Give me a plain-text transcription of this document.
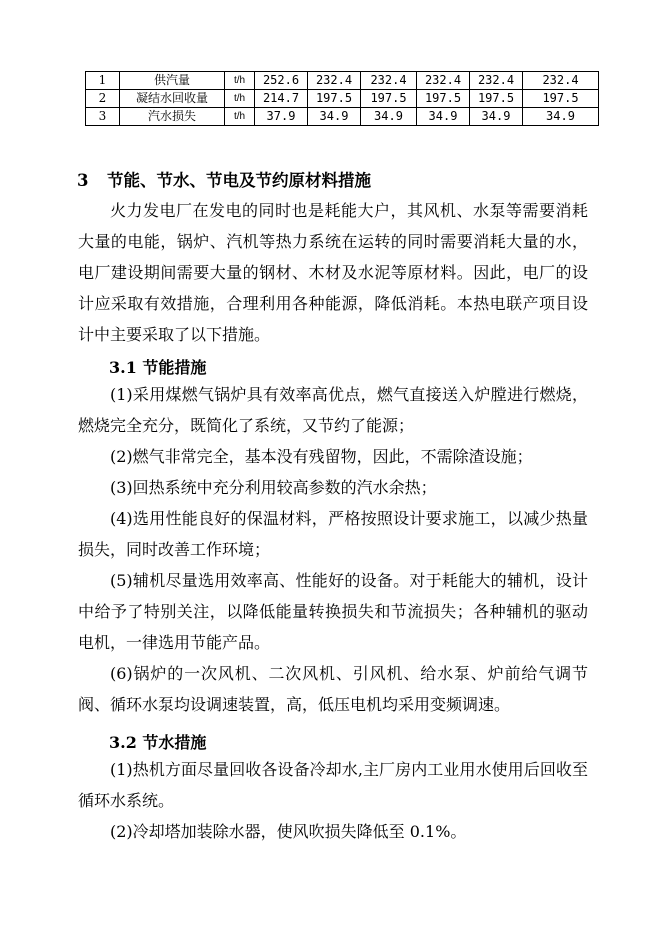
1	供汽量	t/h	252.6	232.4	232.4	232.4	232.4	232.4
2	凝结水回收量	t/h	214.7	197.5	197.5	197.5	197.5	197.5
3	汽水损失	t/h	37.9	34.9	34.9	34.9	34.9	34.9
3 节能、节水、节电及节约原材料措施

火力发电厂在发电的同时也是耗能大户，其风机、水泵等需要消耗大量的电能，锅炉、汽机等热力系统在运转的同时需要消耗大量的水，电厂建设期间需要大量的钢材、木材及水泥等原材料。因此，电厂的设计应采取有效措施，合理利用各种能源，降低消耗。本热电联产项目设计中主要采取了以下措施。

3.1 节能措施

(1)采用煤燃气锅炉具有效率高优点，燃气直接送入炉膛进行燃烧，燃烧完全充分，既简化了系统，又节约了能源；

(2)燃气非常完全，基本没有残留物，因此，不需除渣设施；

(3)回热系统中充分利用较高参数的汽水余热；

(4)选用性能良好的保温材料，严格按照设计要求施工，以减少热量损失，同时改善工作环境；

(5)辅机尽量选用效率高、性能好的设备。对于耗能大的辅机，设计中给予了特别关注，以降低能量转换损失和节流损失；各种辅机的驱动电机，一律选用节能产品。

(6)锅炉的一次风机、二次风机、引风机、给水泵、炉前给气调节阀、循环水泵均设调速装置，高，低压电机均采用变频调速。

3.2 节水措施

(1)热机方面尽量回收各设备冷却水,主厂房内工业用水使用后回收至循环水系统。

(2)冷却塔加装除水器，使风吹损失降低至 0.1%。
